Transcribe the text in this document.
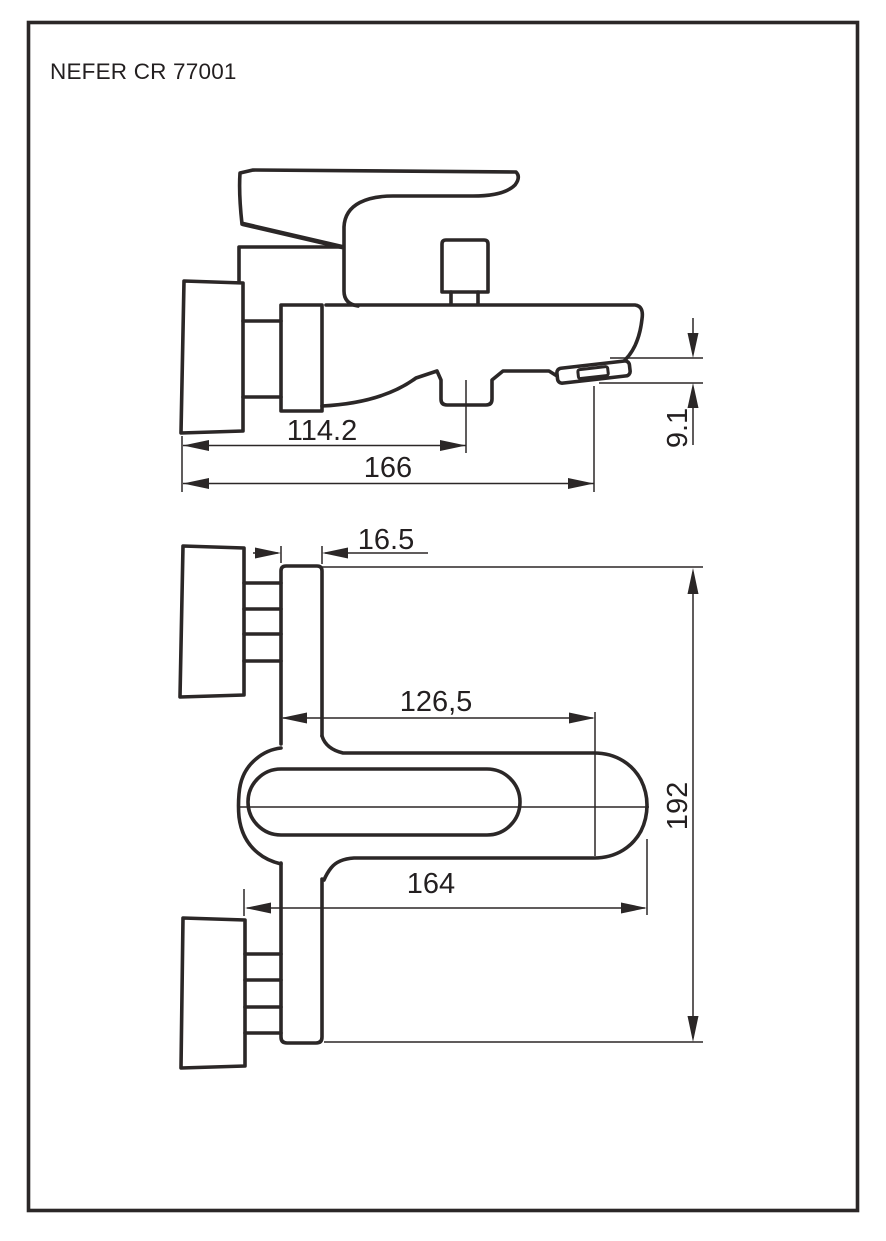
NEFER CR 77001
114.2
166
9.1
16.5
126,5
164
192
